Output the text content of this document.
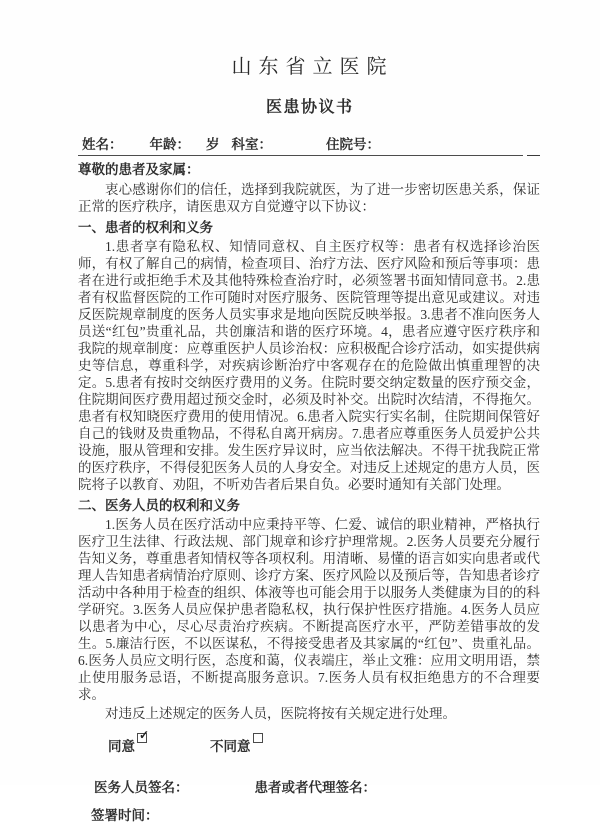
山东省立医院
医患协议书
姓名： 年龄： 岁 科室：	住院号：
尊敬的患者及家属：

衷心感谢你们的信任，选择到我院就医，为了进一步密切医患关系，保证正常的医疗秩序，请医患双方自觉遵守以下协议：

一、患者的权利和义务

1.患者享有隐私权、知情同意权、自主医疗权等：患者有权选择诊治医师，有权了解自己的病情，检查项目、治疗方法、医疗风险和预后等事项：患者在进行或拒绝手术及其他特殊检查治疗时，必须签署书面知情同意书。2.患者有权监督医院的工作可随时对医疗服务、医院管理等提出意见或建议。对违反医院规章制度的医务人员实事求是地向医院反映举报。3.患者不准向医务人员送“红包”贵重礼品，共创廉洁和谐的医疗环境。4，患者应遵守医疗秩序和我院的规章制度：应尊重医护人员诊治权：应积极配合诊疗活动，如实提供病史等信息，尊重科学，对疾病诊断治疗中客观存在的危险做出慎重理智的决定。5.患者有按时交纳医疗费用的义务。住院时要交纳定数量的医疗预交金，住院期间医疗费用超过预交金时，必须及时补交。出院时次结清，不得拖欠。患者有权知晓医疗费用的使用情况。6.患者入院实行实名制，住院期间保管好自己的钱财及贵重物品，不得私自离开病房。7.患者应尊重医务人员爱护公共设施，服从管理和安排。发生医疗异议时，应当依法解决。不得干扰我院正常的医疗秩序，不得侵犯医务人员的人身安全。对违反上述规定的患方人员，医院将子以教育、劝阻，不听劝告者后果自负。必要时通知有关部门处理。

二、医务人员的权利和义务

1.医务人员在医疗活动中应秉持平等、仁爱、诚信的职业精神，严格执行医疗卫生法律、行政法规、部门规章和诊疗护理常规。2.医务人员要充分履行告知义务，尊重患者知情权等各项权利。用清晰、易懂的语言如实向患者或代理人告知患者病情治疗原则、诊疗方案、医疗风险以及预后等，告知患者诊疗活动中各种用于检查的组织、体液等也可能会用于以服务人类健康为目的的科学研究。3.医务人员应保护患者隐私权，执行保护性医疗措施。4.医务人员应以患者为中心，尽心尽责治疗疾病。不断提高医疗水平，严防差错事故的发生。5.廉洁行医，不以医谋私，不得接受患者及其家属的“红包”、贵重礼品。6.医务人员应文明行医，态度和蔼，仪表端庄，举止文雅：应用文明用语，禁止使用服务忌语，不断提高服务意识。7.医务人员有权拒绝患方的不合理要求。

对违反上述规定的医务人员，医院将按有关规定进行处理。

同意
✓
不同意
医务人员签名：	患者或者代理签名：
签署时间：
